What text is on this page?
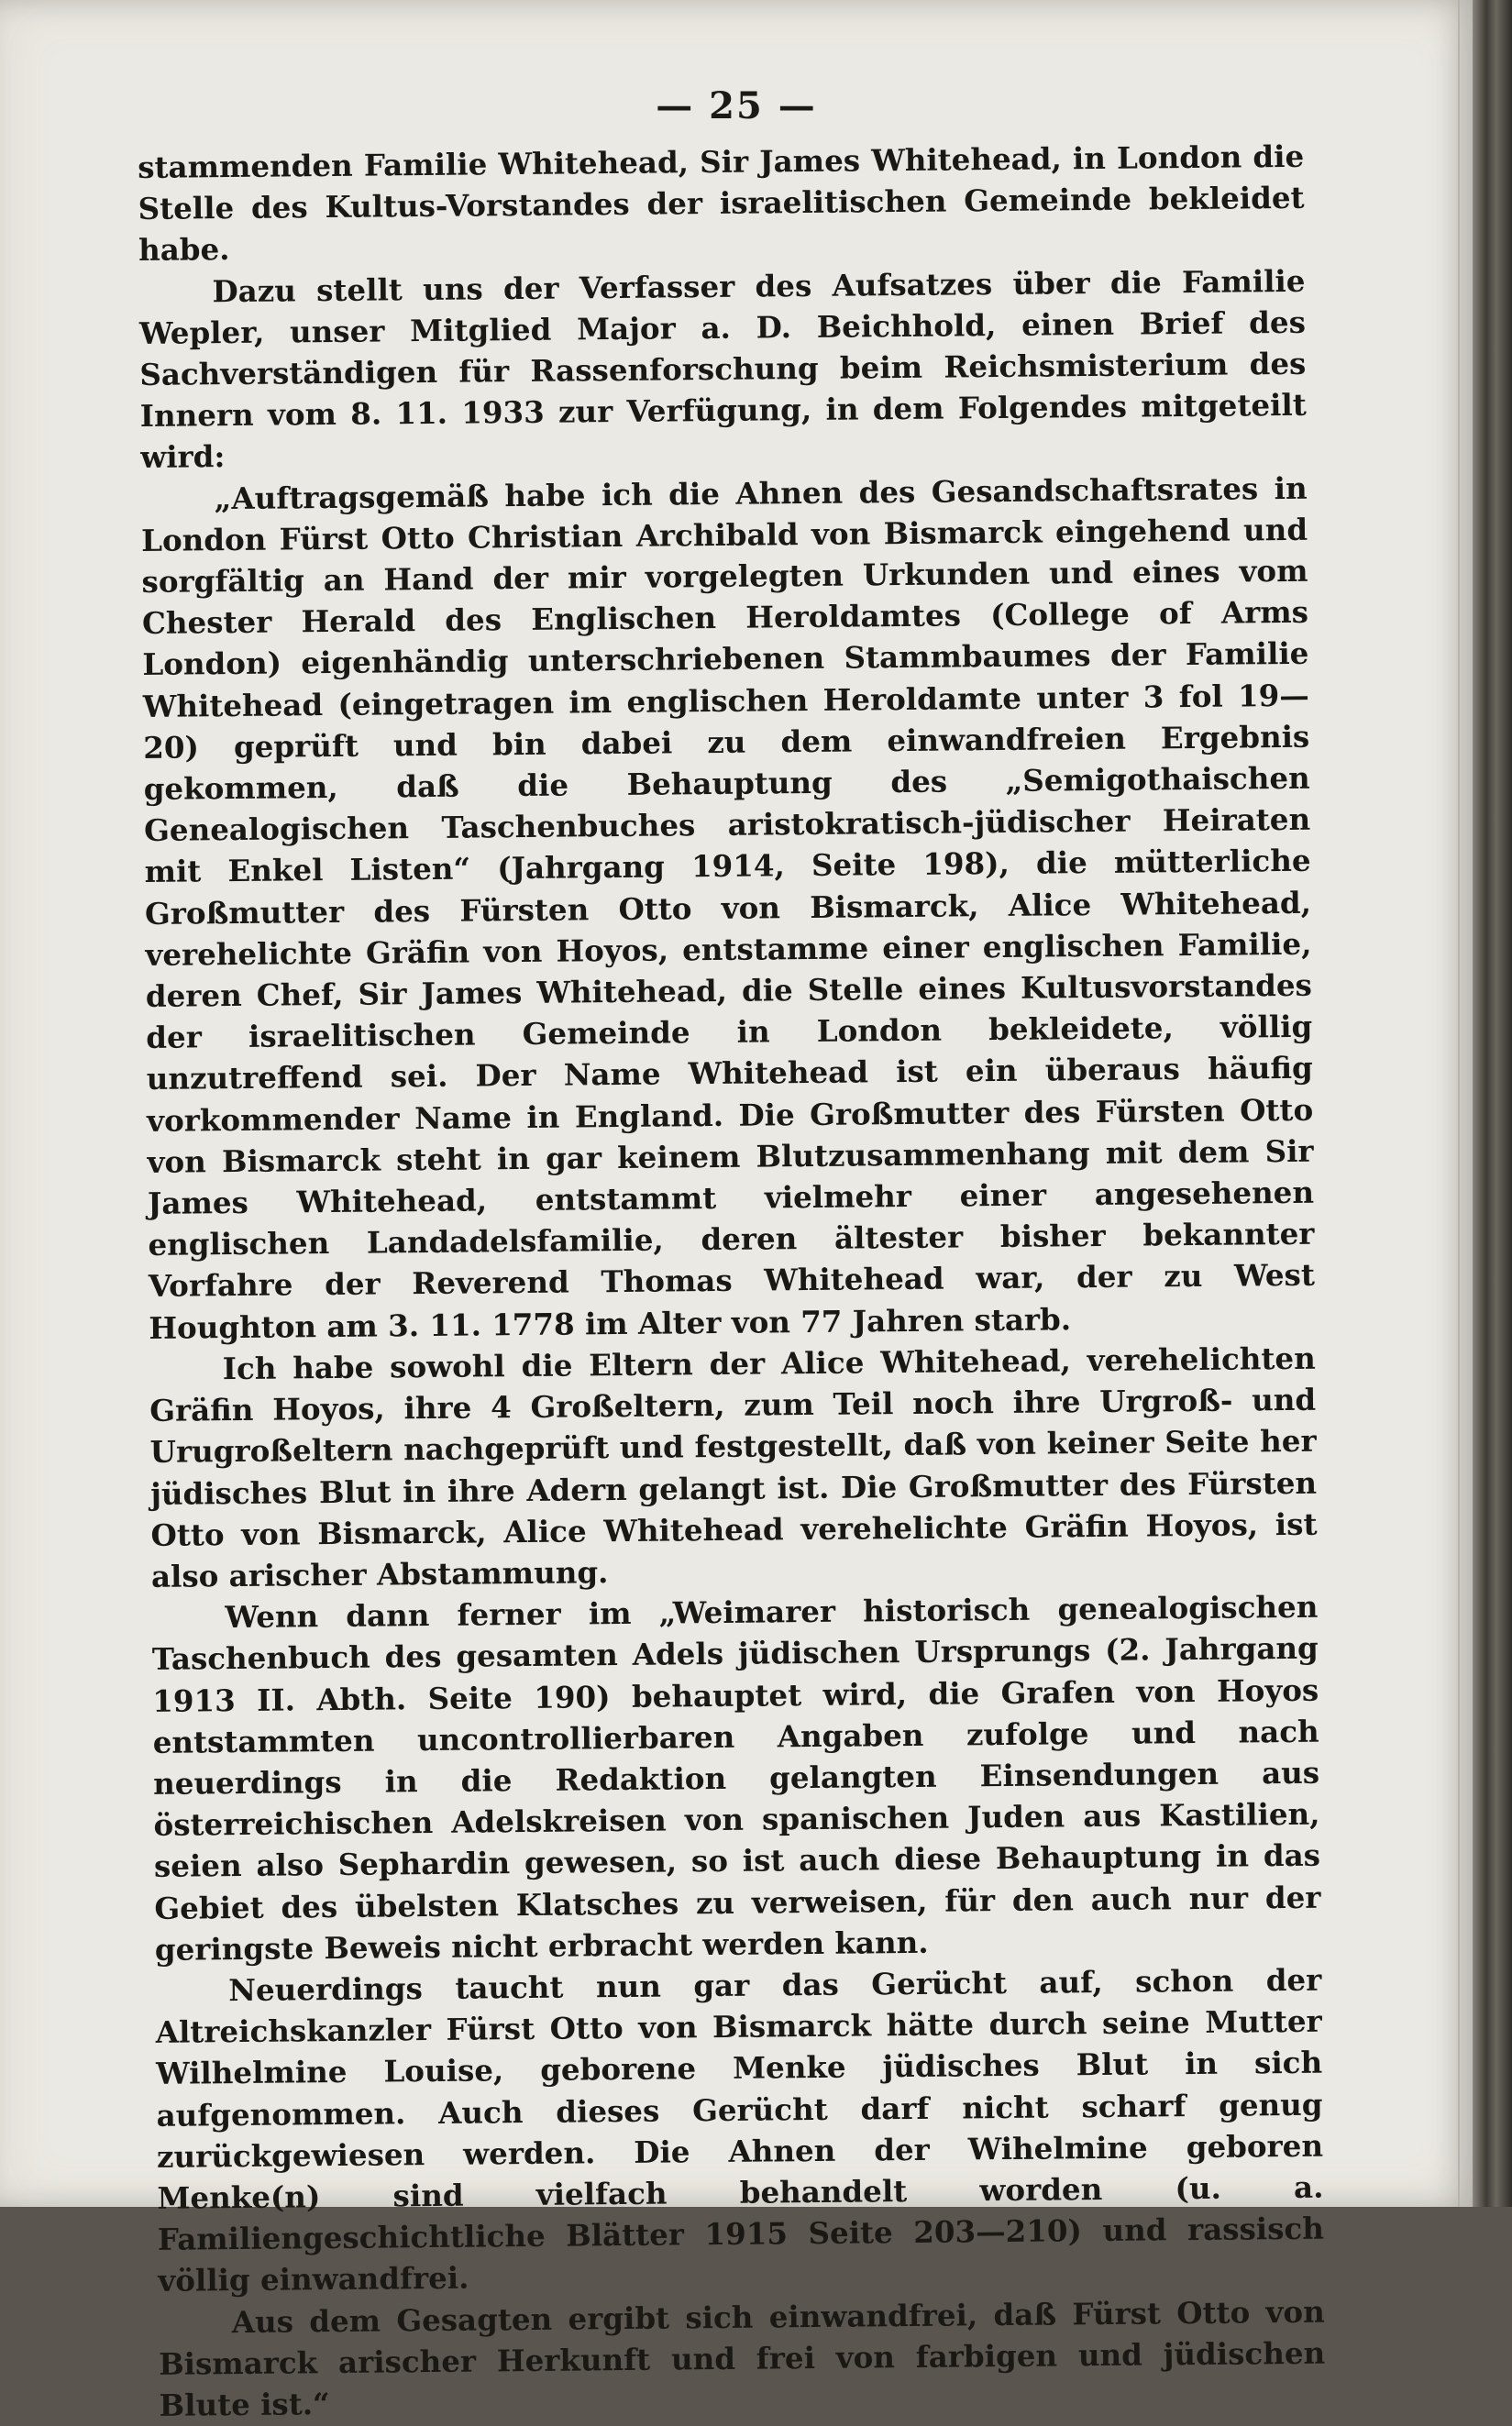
— 25 —

stammenden Familie Whitehead, Sir James Whitehead, in London die Stelle des Kultus-Vorstandes der israelitischen Gemeinde bekleidet habe.

Dazu stellt uns der Verfasser des Aufsatzes über die Familie Wepler, unser Mitglied Major a. D. Beichhold, einen Brief des Sachverständigen für Rassenforschung beim Reichsmisterium des Innern vom 8. 11. 1933 zur Verfügung, in dem Folgendes mitgeteilt wird:

„Auftragsgemäß habe ich die Ahnen des Gesandschaftsrates in London Fürst Otto Christian Archibald von Bismarck eingehend und sorgfältig an Hand der mir vorgelegten Urkunden und eines vom Chester Herald des Englischen Heroldamtes (College of Arms London) eigenhändig unterschriebenen Stammbaumes der Familie Whitehead (eingetragen im englischen Heroldamte unter 3 fol 19—20) geprüft und bin dabei zu dem einwandfreien Ergebnis gekommen, daß die Behauptung des „Semigothaischen Genealogischen Taschenbuches aristokratisch-jüdischer Heiraten mit Enkel Listen“ (Jahrgang 1914, Seite 198), die mütterliche Großmutter des Fürsten Otto von Bismarck, Alice Whitehead, verehelichte Gräfin von Hoyos, entstamme einer englischen Familie, deren Chef, Sir James Whitehead, die Stelle eines Kultusvorstandes der israelitischen Gemeinde in London bekleidete, völlig unzutreffend sei. Der Name Whitehead ist ein überaus häufig vorkommender Name in England. Die Großmutter des Fürsten Otto von Bismarck steht in gar keinem Blutzusammenhang mit dem Sir James Whitehead, entstammt vielmehr einer angesehenen englischen Landadelsfamilie, deren ältester bisher bekannter Vorfahre der Reverend Thomas Whitehead war, der zu West Houghton am 3. 11. 1778 im Alter von 77 Jahren starb.

Ich habe sowohl die Eltern der Alice Whitehead, verehelichten Gräfin Hoyos, ihre 4 Großeltern, zum Teil noch ihre Urgroß- und Urugroßeltern nachgeprüft und festgestellt, daß von keiner Seite her jüdisches Blut in ihre Adern gelangt ist. Die Großmutter des Fürsten Otto von Bismarck, Alice Whitehead verehelichte Gräfin Hoyos, ist also arischer Abstammung.

Wenn dann ferner im „Weimarer historisch genealogischen Taschenbuch des gesamten Adels jüdischen Ursprungs (2. Jahrgang 1913 II. Abth. Seite 190) behauptet wird, die Grafen von Hoyos entstammten uncontrollierbaren Angaben zufolge und nach neuerdings in die Redaktion gelangten Einsendungen aus österreichischen Adelskreisen von spanischen Juden aus Kastilien, seien also Sephardin gewesen, so ist auch diese Behauptung in das Gebiet des übelsten Klatsches zu verweisen, für den auch nur der geringste Beweis nicht erbracht werden kann.

Neuerdings taucht nun gar das Gerücht auf, schon der Altreichskanzler Fürst Otto von Bismarck hätte durch seine Mutter Wilhelmine Louise, geborene Menke jüdisches Blut in sich aufgenommen. Auch dieses Gerücht darf nicht scharf genug zurückgewiesen werden. Die Ahnen der Wihelmine geboren Menke(n) sind vielfach behandelt worden (u. a. Familiengeschichtliche Blätter 1915 Seite 203—210) und rassisch völlig einwandfrei.

Aus dem Gesagten ergibt sich einwandfrei, daß Fürst Otto von Bismarck arischer Herkunft und frei von farbigen und jüdischen Blute ist.“
